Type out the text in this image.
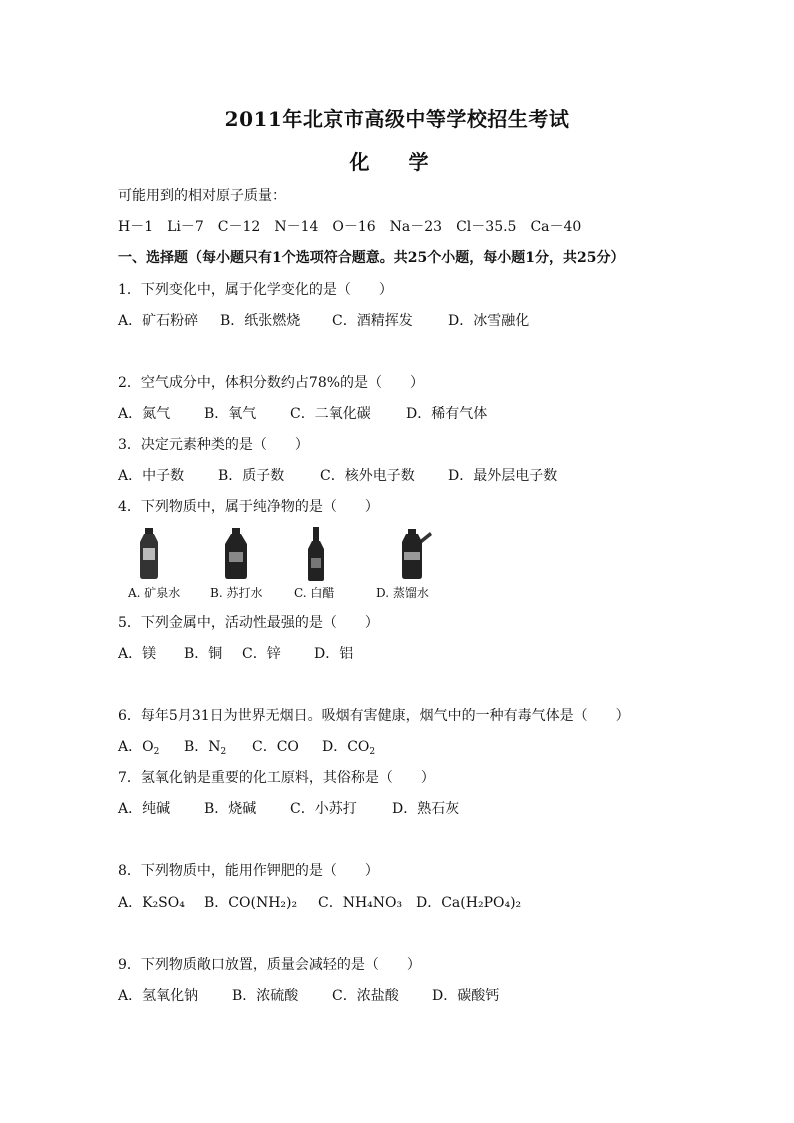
2011年北京市高级中等学校招生考试
化 学
可能用到的相对原子质量：
H－1　Li－7　C－12　N－14　O－16　Na－23　Cl－35.5　Ca－40
一、选择题（每小题只有1个选项符合题意。共25个小题，每小题1分，共25分）
1．下列变化中，属于化学变化的是（　　）
A．矿石粉碎 B．纸张燃烧 C．酒精挥发	D．冰雪融化
2．空气成分中，体积分数约占78%的是（　　）
A．氮气 B．氧气 C．二氧化碳	D．稀有气体
3．决定元素种类的是（　　）
A．中子数 B．质子数	C．核外电子数 D．最外层电子数
4．下列物质中，属于纯净物的是（　　）
A. 矿泉水 B. 苏打水	C. 白醋	D. 蒸馏水
5．下列金属中，活动性最强的是（　　）
A．镁 B．铜 C．锌 D．铝
6．每年5月31日为世界无烟日。吸烟有害健康，烟气中的一种有毒气体是（　　）
A．$O_2$ B．$N_2$ C．CO D．$CO_2$
7．氢氧化钠是重要的化工原料，其俗称是（　　）
A．纯碱 B．烧碱 C．小苏打	D．熟石灰
8．下列物质中，能用作钾肥的是（　　）
A．K₂SO₄ B．CO(NH₂)₂ C．NH₄NO₃ D．Ca(H₂PO₄)₂
9．下列物质敞口放置，质量会减轻的是（　　）
A．氢氧化钠 B．浓硫酸 C．浓盐酸 D．碳酸钙
